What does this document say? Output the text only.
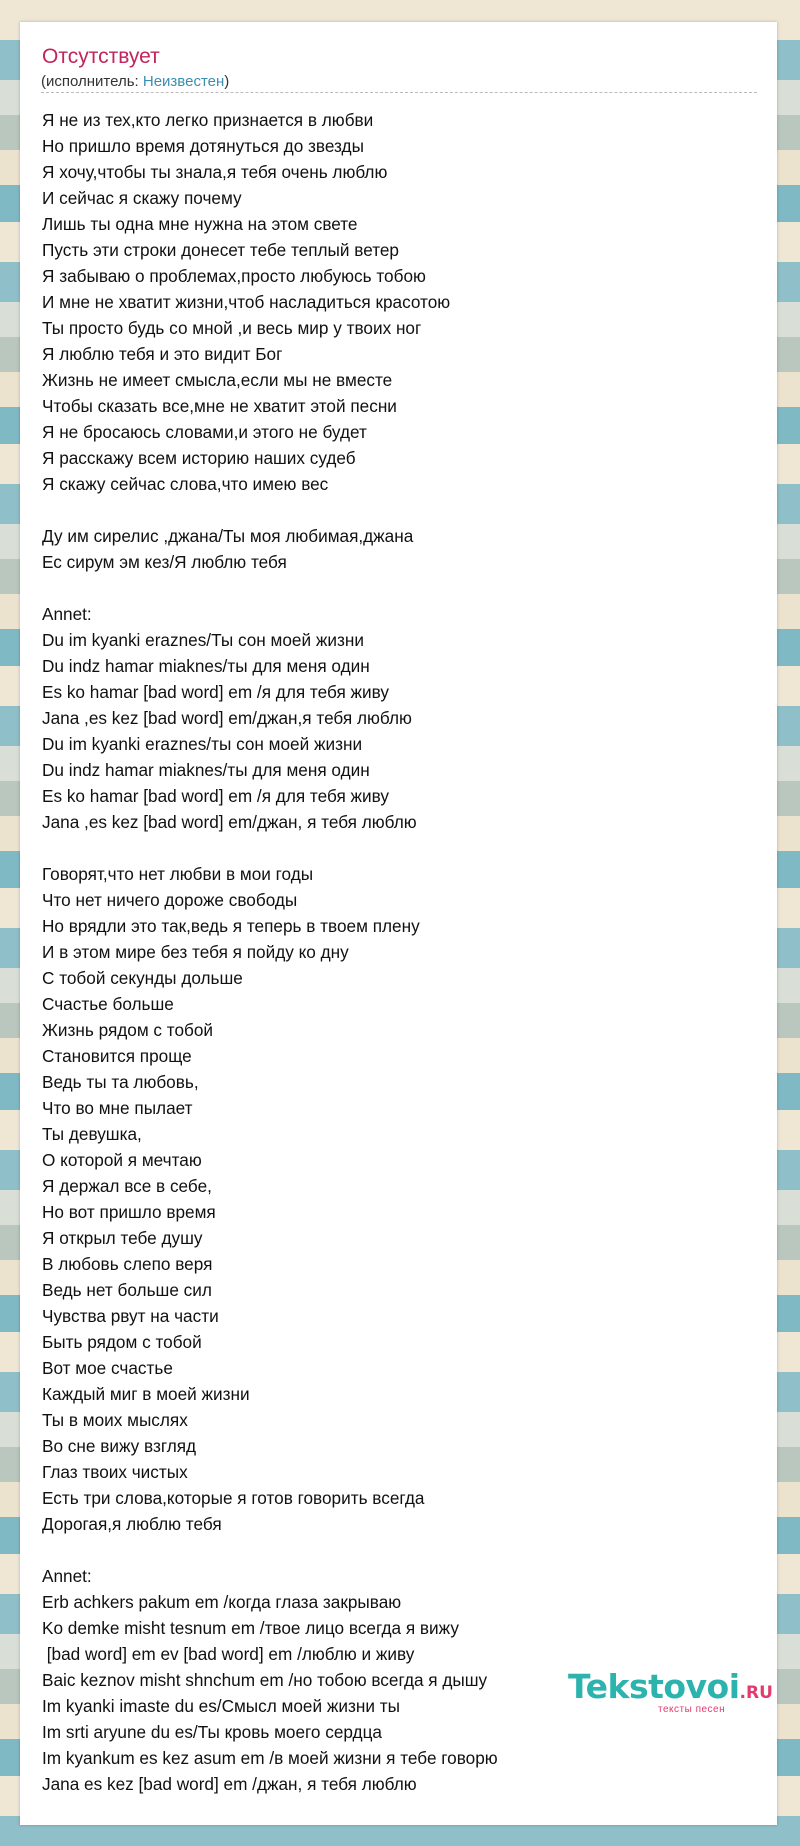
Отсутствует
(исполнитель: Неизвестен)
Я не из тех,кто легко признается в любви
Но пришло время дотянуться до звезды
Я хочу,чтобы ты знала,я тебя очень люблю
И сейчас я скажу почему
Лишь ты одна мне нужна на этом свете
Пусть эти строки донесет тебе теплый ветер
Я забываю о проблемах,просто любуюсь тобою
И мне не хватит жизни,чтоб насладиться красотою
Ты просто будь со мной ,и весь мир у твоих ног
Я люблю тебя и это видит Бог
Жизнь не имеет смысла,если мы не вместе
Чтобы сказать все,мне не хватит этой песни
Я не бросаюсь словами,и этого не будет
Я расскажу всем историю наших судеб
Я скажу сейчас слова,что имею вес
Ду им сирелис ,джана/Ты моя любимая,джана
Ес сирум эм кез/Я люблю тебя
Annet:
Du im kyanki eraznes/Ты сон моей жизни
Du indz hamar miaknes/ты для меня один
Es ko hamar [bad word] em /я для тебя живу
Jana ,es kez [bad word] em/джан,я тебя люблю
Du im kyanki eraznes/ты сон моей жизни
Du indz hamar miaknes/ты для меня один
Es ko hamar [bad word] em /я для тебя живу
Jana ,es kez [bad word] em/джан, я тебя люблю
Говорят,что нет любви в мои годы
Что нет ничего дороже свободы
Но врядли это так,ведь я теперь в твоем плену
И в этом мире без тебя я пойду ко дну
С тобой секунды дольше
Счастье больше
Жизнь рядом с тобой
Становится проще
Ведь ты та любовь,
Что во мне пылает
Ты девушка,
О которой я мечтаю
Я держал все в себе,
Но вот пришло время
Я открыл тебе душу
В любовь слепо веря
Ведь нет больше сил
Чувства рвут на части
Быть рядом с тобой
Вот мое счастье
Каждый миг в моей жизни
Ты в моих мыслях
Во сне вижу взгляд
Глаз твоих чистых
Есть три слова,которые я готов говорить всегда
Дорогая,я люблю тебя
Annet:
Erb achkers pakum em /когда глаза закрываю
Ko demke misht tesnum em /твое лицо всегда я вижу
[bad word] em ev [bad word] em /люблю и живу
Baic keznov misht shnchum em /но тобою всегда я дышу
Im kyanki imaste du es/Смысл моей жизни ты
Im srti aryune du es/Ты кровь моего сердца
Im kyankum es kez asum em /в моей жизни я тебе говорю
Jana es kez [bad word] em /джан, я тебя люблю
Tekstovoi.RU
тексты песен
